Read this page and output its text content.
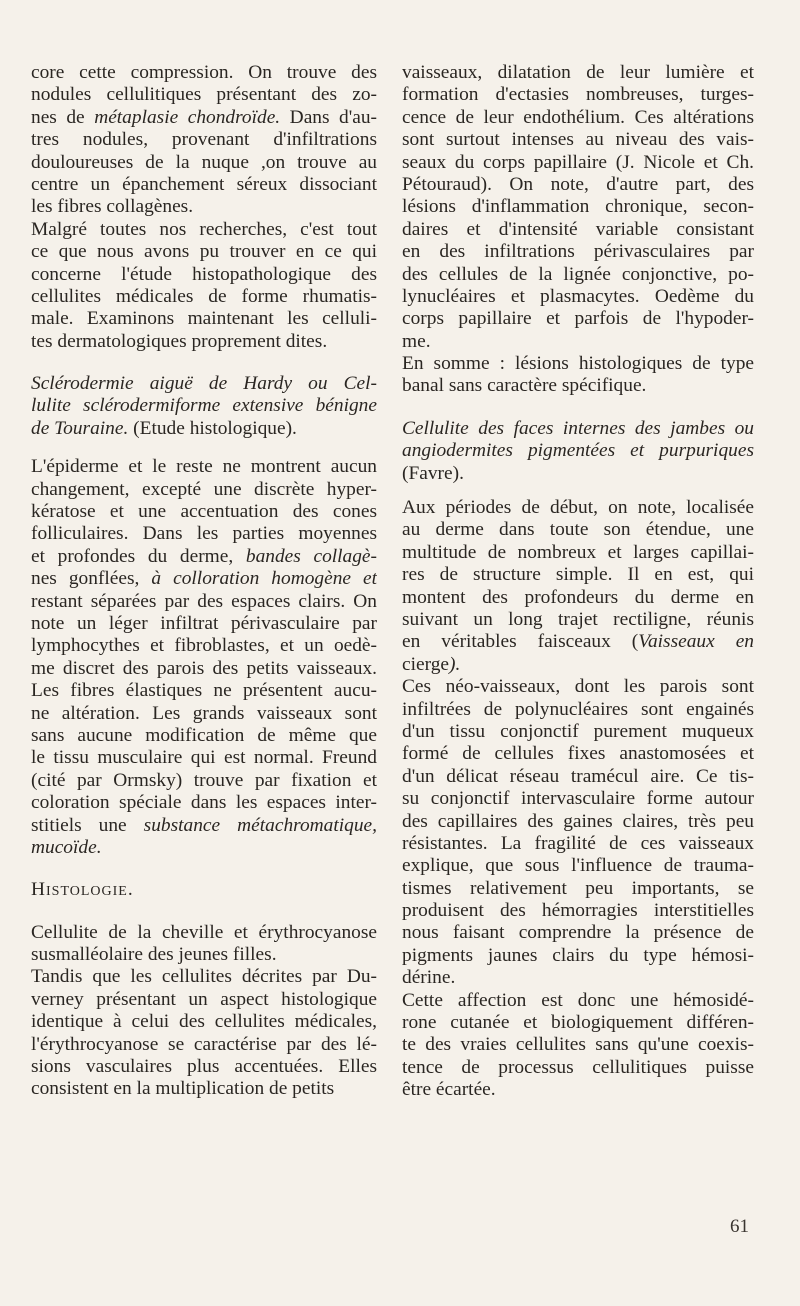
core cette compression. On trouve des
nodules cellulitiques présentant des zo-
nes de métaplasie chondroïde. Dans d'au-
tres nodules, provenant d'infiltrations
douloureuses de la nuque ,on trouve au
centre un épanchement séreux dissociant
les fibres collagènes.
Malgré toutes nos recherches, c'est tout
ce que nous avons pu trouver en ce qui
concerne l'étude histopathologique des
cellulites médicales de forme rhumatis-
male. Examinons maintenant les celluli-
tes dermatologiques proprement dites.
Sclérodermie aiguë de Hardy ou Cel-
lulite sclérodermiforme extensive bénigne
de Touraine. (Etude histologique).
L'épiderme et le reste ne montrent aucun
changement, excepté une discrète hyper-
kératose et une accentuation des cones
folliculaires. Dans les parties moyennes
et profondes du derme, bandes collagè-
nes gonflées, à colloration homogène et
restant séparées par des espaces clairs. On
note un léger infiltrat périvasculaire par
lymphocythes et fibroblastes, et un oedè-
me discret des parois des petits vaisseaux.
Les fibres élastiques ne présentent aucu-
ne altération. Les grands vaisseaux sont
sans aucune modification de même que
le tissu musculaire qui est normal. Freund
(cité par Ormsky) trouve par fixation et
coloration spéciale dans les espaces inter-
stitiels une substance métachromatique,
mucoïde.
Histologie.
Cellulite de la cheville et érythrocyanose
susmalléolaire des jeunes filles.
Tandis que les cellulites décrites par Du-
verney présentant un aspect histologique
identique à celui des cellulites médicales,
l'érythrocyanose se caractérise par des lé-
sions vasculaires plus accentuées. Elles
consistent en la multiplication de petits
vaisseaux, dilatation de leur lumière et
formation d'ectasies nombreuses, turges-
cence de leur endothélium. Ces altérations
sont surtout intenses au niveau des vais-
seaux du corps papillaire (J. Nicole et Ch.
Pétouraud). On note, d'autre part, des
lésions d'inflammation chronique, secon-
daires et d'intensité variable consistant
en des infiltrations périvasculaires par
des cellules de la lignée conjonctive, po-
lynucléaires et plasmacytes. Oedème du
corps papillaire et parfois de l'hypoder-
me.
En somme : lésions histologiques de type
banal sans caractère spécifique.
Cellulite des faces internes des jambes ou
angiodermites pigmentées et purpuriques
(Favre).
Aux périodes de début, on note, localisée
au derme dans toute son étendue, une
multitude de nombreux et larges capillai-
res de structure simple. Il en est, qui
montent des profondeurs du derme en
suivant un long trajet rectiligne, réunis
en véritables faisceaux (Vaisseaux en
cierge).
Ces néo-vaisseaux, dont les parois sont
infiltrées de polynucléaires sont engainés
d'un tissu conjonctif purement muqueux
formé de cellules fixes anastomosées et
d'un délicat réseau tramécul aire. Ce tis-
su conjonctif intervasculaire forme autour
des capillaires des gaines claires, très peu
résistantes. La fragilité de ces vaisseaux
explique, que sous l'influence de trauma-
tismes relativement peu importants, se
produisent des hémorragies interstitielles
nous faisant comprendre la présence de
pigments jaunes clairs du type hémosi-
dérine.
Cette affection est donc une hémosidé-
rone cutanée et biologiquement différen-
te des vraies cellulites sans qu'une coexis-
tence de processus cellulitiques puisse
être écartée.
61
